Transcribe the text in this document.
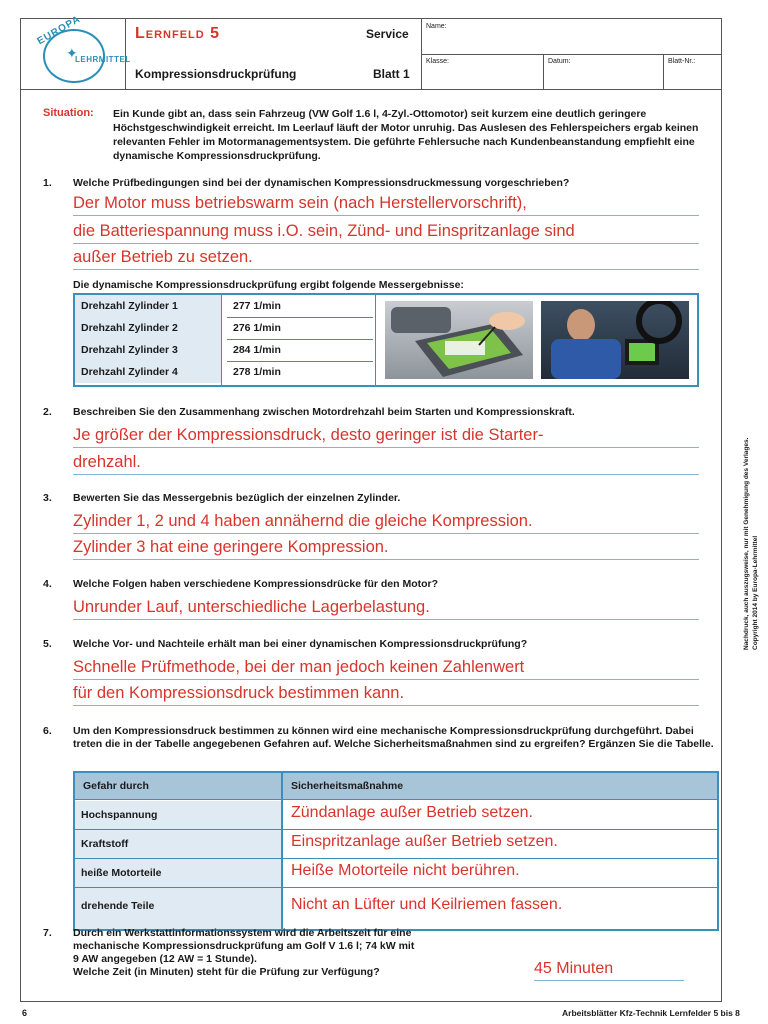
EUROPA
✦
LEHRMITTEL
Lernfeld 5
Kompressionsdruckprüfung
Service
Blatt 1
Name:
Klasse:	Datum:	Blatt-Nr.:
Situation: Ein Kunde gibt an, dass sein Fahrzeug (VW Golf 1.6 l, 4-Zyl.-Ottomotor) seit kurzem eine deutlich geringere Höchstgeschwindigkeit erreicht. Im Leerlauf läuft der Motor unruhig. Das Auslesen des Fehlerspeichers ergab keinen relevanten Fehler im Motormanagementsystem. Die geführte Fehlersuche nach Kundenbeanstandung empfiehlt eine dynamische Kompressionsdruckprüfung.
1. Welche Prüfbedingungen sind bei der dynamischen Kompressionsdruckmessung vorgeschrieben?
Der Motor muss betriebswarm sein (nach Herstellervorschrift),
die Batteriespannung muss i.O. sein, Zünd- und Einspritzanlage sind
außer Betrieb zu setzen.
Die dynamische Kompressionsdruckprüfung ergibt folgende Messergebnisse:
Drehzahl Zylinder 1	277 1/min
Drehzahl Zylinder 2	276 1/min
Drehzahl Zylinder 3	284 1/min
Drehzahl Zylinder 4	278 1/min
2. Beschreiben Sie den Zusammenhang zwischen Motordrehzahl beim Starten und Kompressionskraft.
Je größer der Kompressionsdruck, desto geringer ist die Starter-
drehzahl.
3. Bewerten Sie das Messergebnis bezüglich der einzelnen Zylinder.
Zylinder 1, 2 und 4 haben annähernd die gleiche Kompression.
Zylinder 3 hat eine geringere Kompression.
4. Welche Folgen haben verschiedene Kompressionsdrücke für den Motor?
Unrunder Lauf, unterschiedliche Lagerbelastung.
5. Welche Vor- und Nachteile erhält man bei einer dynamischen Kompressionsdruckprüfung?
Schnelle Prüfmethode, bei der man jedoch keinen Zahlenwert
für den Kompressionsdruck bestimmen kann.
6. Um den Kompressionsdruck bestimmen zu können wird eine mechanische Kompressionsdruckprüfung durchgeführt. Dabei treten die in der Tabelle angegebenen Gefahren auf. Welche Sicherheitsmaßnahmen sind zu ergreifen? Ergänzen Sie die Tabelle.
Gefahr durch	Sicherheitsmaßnahme
Hochspannung	Zündanlage außer Betrieb setzen.
Kraftstoff	Einspritzanlage außer Betrieb setzen.
heiße Motorteile	Heiße Motorteile nicht berühren.
drehende Teile	Nicht an Lüfter und Keilriemen fassen.
7. Durch ein Werkstattinformationssystem wird die Arbeitszeit für eine
mechanische Kompressionsdruckprüfung am Golf V 1.6 l; 74 kW mit
9 AW angegeben (12 AW = 1 Stunde).
Welche Zeit (in Minuten) steht für die Prüfung zur Verfügung?	45 Minuten
Nachdruck, auch auszugsweise, nur mit Genehmigung des Verlages. Copyright 2014 by Europa-Lehrmittel
6	Arbeitsblätter Kfz-Technik Lernfelder 5 bis 8
